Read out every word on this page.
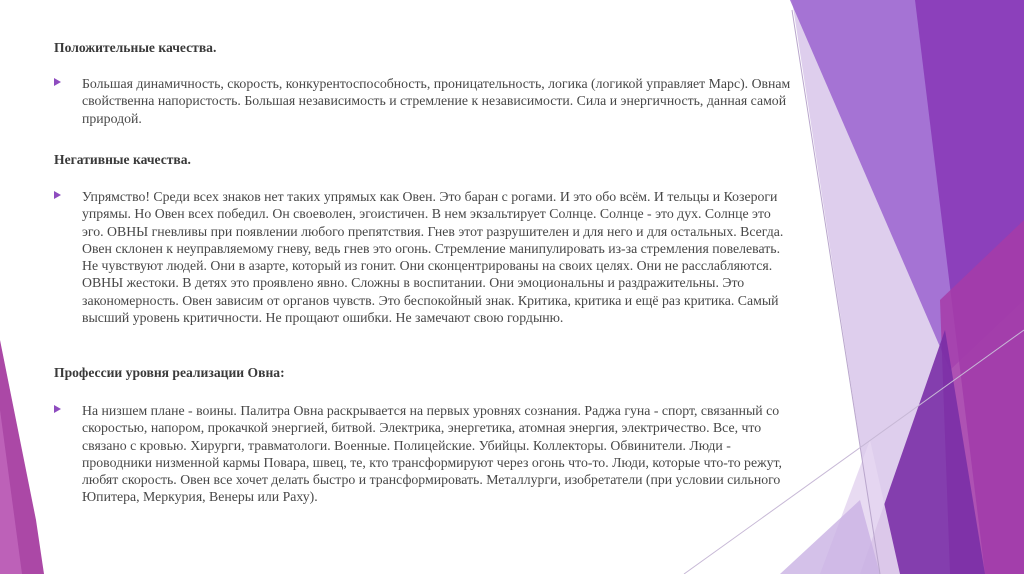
Положительные качества.
Большая динамичность, скорость, конкурентоспособность, проницательность, логика (логикой управляет Марс). Овнам свойственна напористость. Большая независимость и стремление к независимости. Сила и энергичность, данная самой природой.
Негативные качества.
Упрямство! Среди всех знаков нет таких упрямых как Овен. Это баран с рогами. И это обо всём. И тельцы и Козероги упрямы. Но Овен всех победил. Он своеволен, эгоистичен. В нем экзальтирует Солнце. Солнце - это дух. Солнце это эго. ОВНЫ гневливы при появлении любого препятствия. Гнев этот разрушителен и для него и для остальных. Всегда. Овен склонен к неуправляемому гневу, ведь гнев это огонь. Стремление манипулировать из-за стремления повелевать. Не чувствуют людей. Они в азарте, который из гонит. Они сконцентрированы на своих целях. Они не расслабляются. ОВНЫ жестоки. В детях это проявлено явно. Сложны в воспитании. Они эмоциональны и раздражительны. Это закономерность. Овен зависим от органов чувств. Это беспокойный знак. Критика, критика и ещё раз критика. Самый высший уровень критичности. Не прощают ошибки. Не замечают свою гордыню.
Профессии уровня реализации Овна:
На низшем плане - воины. Палитра Овна раскрывается на первых уровнях сознания. Раджа гуна - спорт, связанный со скоростью, напором, прокачкой энергией, битвой. Электрика, энергетика, атомная энергия, электричество. Все, что связано с кровью. Хирурги, травматологи. Военные. Полицейские. Убийцы. Коллекторы. Обвинители. Люди - проводники низменной кармы Повара, швец, те, кто трансформируют через огонь что-то. Люди, которые что-то режут, любят скорость. Овен все хочет делать быстро и трансформировать. Металлурги, изобретатели (при условии сильного Юпитера, Меркурия, Венеры или Раху).
